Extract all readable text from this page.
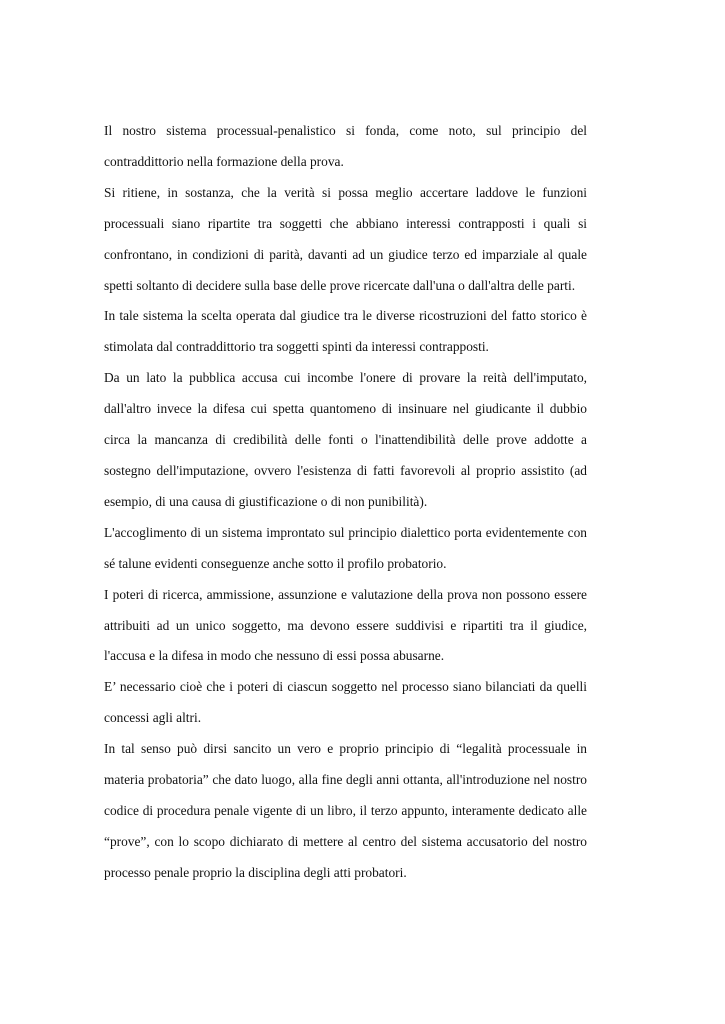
Il nostro sistema processual-penalistico si fonda, come noto, sul principio del contraddittorio nella formazione della prova.

Si ritiene, in sostanza, che la verità si possa meglio accertare laddove le funzioni processuali siano ripartite tra soggetti che abbiano interessi contrapposti i quali si confrontano, in condizioni di parità, davanti ad un giudice terzo ed imparziale al quale spetti soltanto di decidere sulla base delle prove ricercate dall'una o dall'altra delle parti.

In tale sistema la scelta operata dal giudice tra le diverse ricostruzioni del fatto storico è stimolata dal contraddittorio tra soggetti spinti da interessi contrapposti.

Da un lato la pubblica accusa cui incombe l'onere di provare la reità dell'imputato, dall'altro invece la difesa cui spetta quantomeno di insinuare nel giudicante il dubbio circa la mancanza di credibilità delle fonti o l'inattendibilità delle prove addotte a sostegno dell'imputazione, ovvero l'esistenza di fatti favorevoli al proprio assistito (ad esempio, di una causa di giustificazione o di non punibilità).

L'accoglimento di un sistema improntato sul principio dialettico porta evidentemente con sé talune evidenti conseguenze anche sotto il profilo probatorio.

I poteri di ricerca, ammissione, assunzione e valutazione della prova non possono essere attribuiti ad un unico soggetto, ma devono essere suddivisi e ripartiti tra il giudice, l'accusa e la difesa in modo che nessuno di essi possa abusarne.

E’ necessario cioè che i poteri di ciascun soggetto nel processo siano bilanciati da quelli concessi agli altri.

In tal senso può dirsi sancito un vero e proprio principio di “legalità processuale in materia probatoria” che dato luogo, alla fine degli anni ottanta, all'introduzione nel nostro codice di procedura penale vigente di un libro, il terzo appunto, interamente dedicato alle “prove”, con lo scopo dichiarato di mettere al centro del sistema accusatorio del nostro processo penale proprio la disciplina degli atti probatori.
